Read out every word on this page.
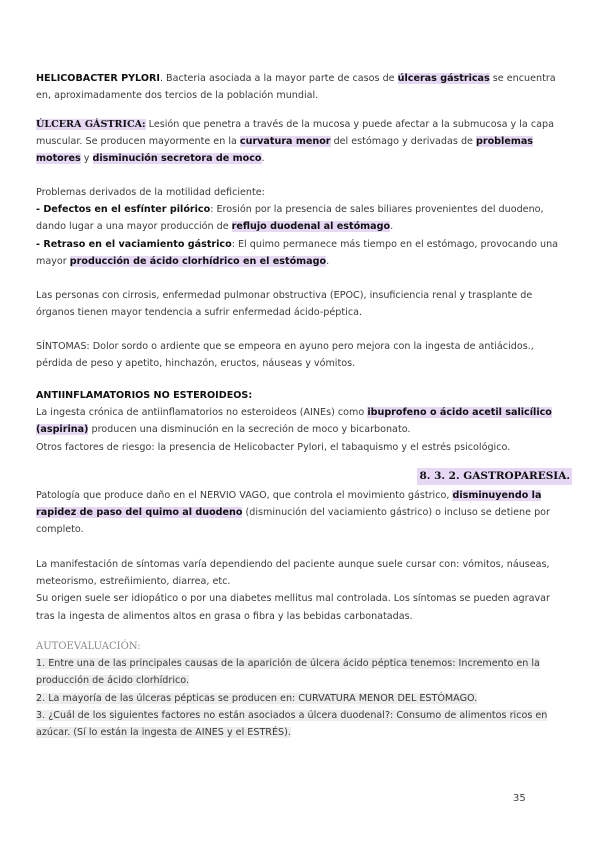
HELICOBACTER PYLORI. Bacteria asociada a la mayor parte de casos de úlceras gástricas se encuentra en, aproximadamente dos tercios de la población mundial.
ÚLCERA GÁSTRICA: Lesión que penetra a través de la mucosa y puede afectar a la submucosa y la capa muscular. Se producen mayormente en la curvatura menor del estómago y derivadas de problemas motores y disminución secretora de moco.
Problemas derivados de la motilidad deficiente:
- Defectos en el esfínter pilórico: Erosión por la presencia de sales biliares provenientes del duodeno, dando lugar a una mayor producción de reflujo duodenal al estómago.
- Retraso en el vaciamiento gástrico: El quimo permanece más tiempo en el estómago, provocando una mayor producción de ácido clorhídrico en el estómago.
Las personas con cirrosis, enfermedad pulmonar obstructiva (EPOC), insuficiencia renal y trasplante de órganos tienen mayor tendencia a sufrir enfermedad ácido-péptica.
SÍNTOMAS: Dolor sordo o ardiente que se empeora en ayuno pero mejora con la ingesta de antiácidos., pérdida de peso y apetito, hinchazón, eructos, náuseas y vómitos.
ANTIINFLAMATORIOS NO ESTEROIDEOS:
La ingesta crónica de antiinflamatorios no esteroideos (AINEs) como ibuprofeno o ácido acetil salicílico (aspirina) producen una disminución en la secreción de moco y bicarbonato.
Otros factores de riesgo: la presencia de Helicobacter Pylori, el tabaquismo y el estrés psicológico.
8. 3. 2. GASTROPARESIA.
Patología que produce daño en el NERVIO VAGO, que controla el movimiento gástrico, disminuyendo la rapidez de paso del quimo al duodeno (disminución del vaciamiento gástrico) o incluso se detiene por completo.
La manifestación de síntomas varía dependiendo del paciente aunque suele cursar con: vómitos, náuseas, meteorismo, estreñimiento, diarrea, etc.
Su origen suele ser idiopático o por una diabetes mellitus mal controlada. Los síntomas se pueden agravar tras la ingesta de alimentos altos en grasa o fibra y las bebidas carbonatadas.
AUTOEVALUACIÓN:
1. Entre una de las principales causas de la aparición de úlcera ácido péptica tenemos: Incremento en la producción de ácido clorhídrico.
2. La mayoría de las úlceras pépticas se producen en: CURVATURA MENOR DEL ESTÓMAGO.
3. ¿Cuál de los siguientes factores no están asociados a úlcera duodenal?: Consumo de alimentos ricos en azúcar. (Sí lo están la ingesta de AINES y el ESTRÉS).
35
